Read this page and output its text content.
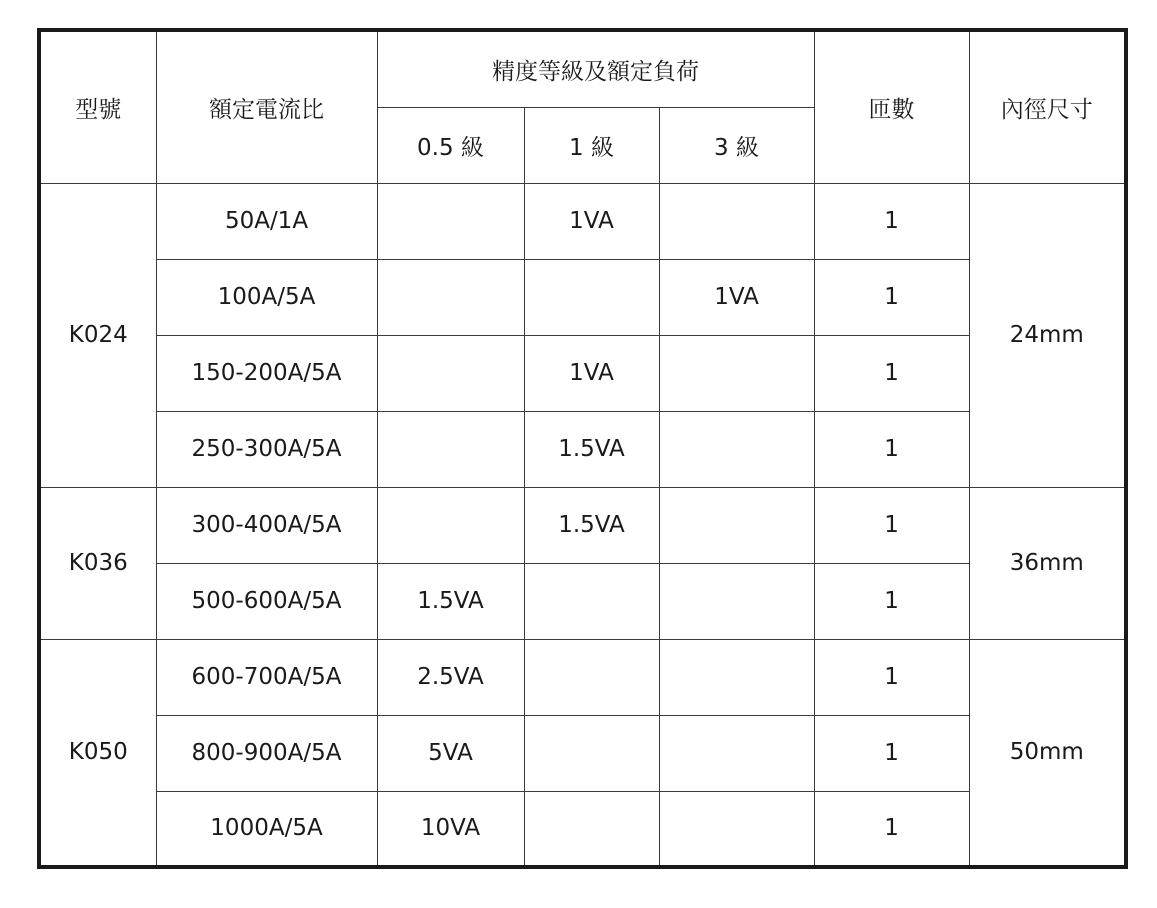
型號	額定電流比	精度等級及額定負荷			匝數	內徑尺寸
		0.5 級	1 級	3 級		
K024	50A/1A		1VA		1	24mm
	100A/5A			1VA	1	
	150-200A/5A		1VA		1	
	250-300A/5A		1.5VA		1	
K036	300-400A/5A		1.5VA		1	36mm
	500-600A/5A	1.5VA			1	
K050	600-700A/5A	2.5VA			1	50mm
	800-900A/5A	5VA			1	
	1000A/5A	10VA			1	
